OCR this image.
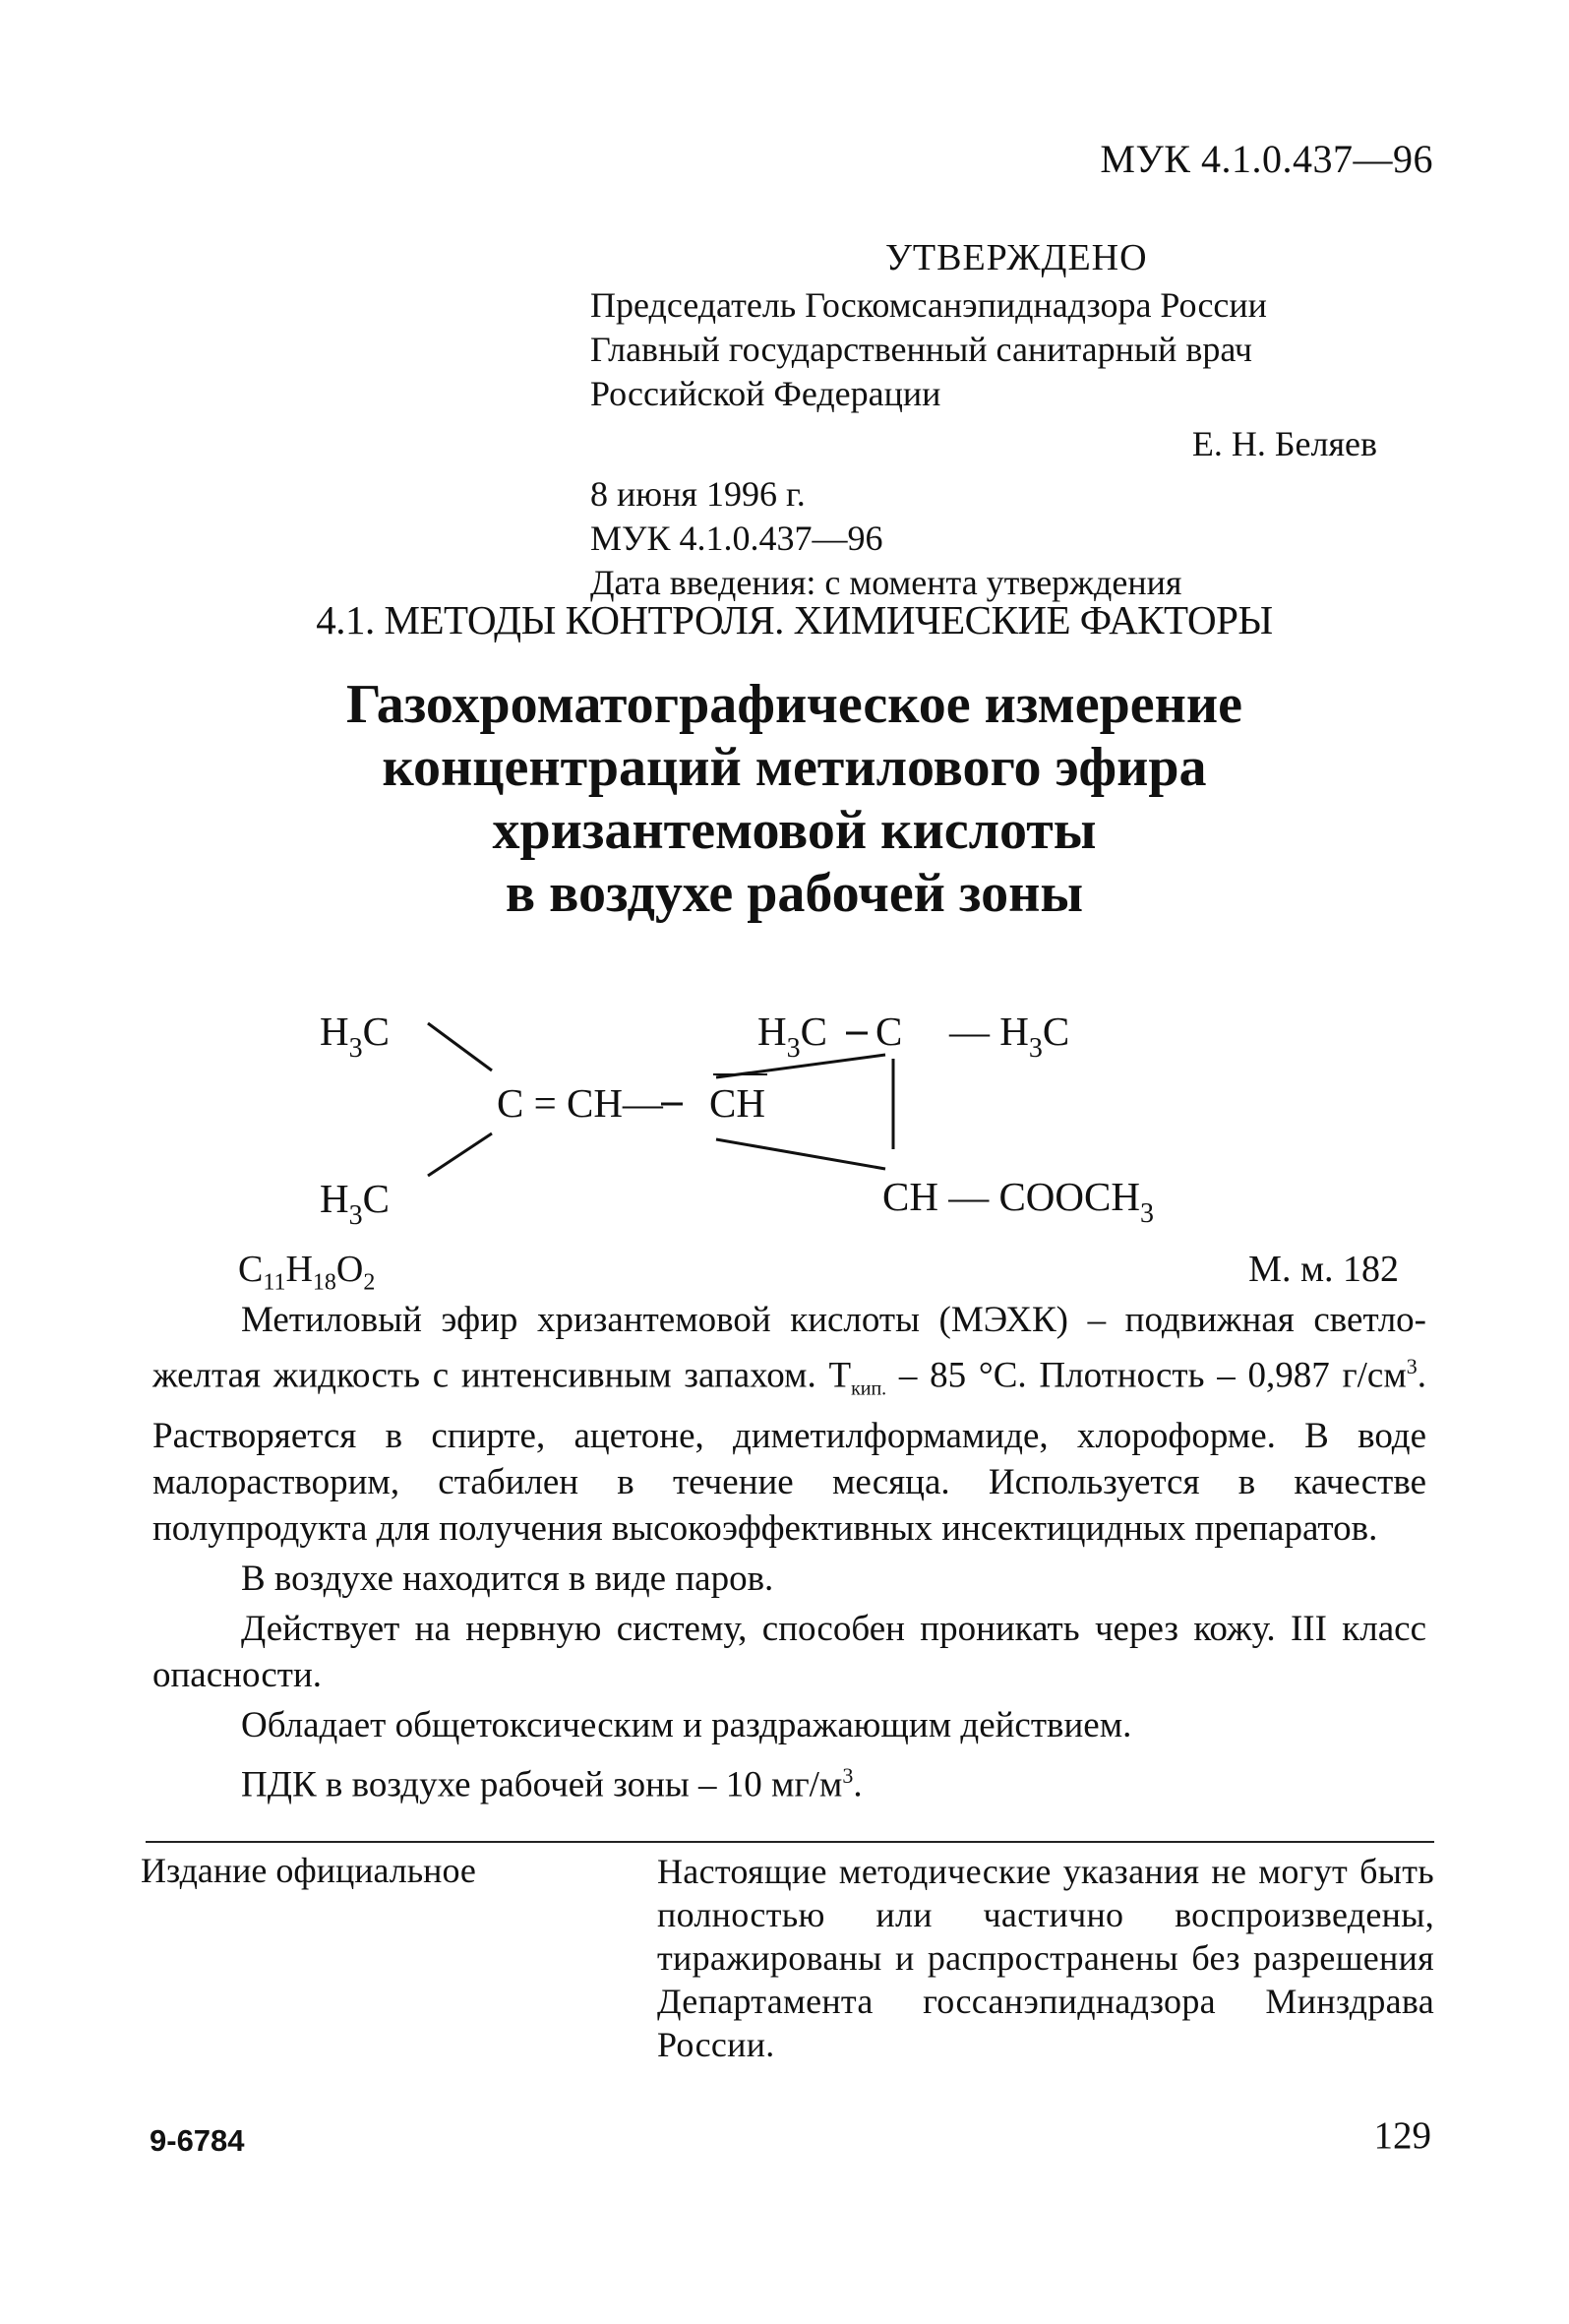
МУК 4.1.0.437—96
УТВЕРЖДЕНО
Председатель Госкомсанэпиднадзора России
Главный государственный санитарный врач
Российской Федерации
Е. Н. Беляев
8 июня 1996 г.
МУК 4.1.0.437—96
Дата введения: с момента утверждения
4.1. МЕТОДЫ КОНТРОЛЯ. ХИМИЧЕСКИЕ ФАКТОРЫ
Газохроматографическое измерение
концентраций метилового эфира
хризантемовой кислоты
в воздухе рабочей зоны
$H_3C$
$H_3C$
C = CH— CH
$H_3C$ C — $H_3C$
CH — $COOCH_3$
$C_{11}H_{18}O_2$	М. м. 182

Метиловый эфир хризантемовой кислоты (МЭХК) – подвижная светло-желтая жидкость с интенсивным запахом. $T_{кип.} - 85$ °С. Плотность – 0,987 $г/см^3$. Растворяется в спирте, ацетоне, диметилформамиде, хлороформе. В воде малорастворим, стабилен в течение месяца. Используется в качестве полупродукта для получения высокоэффективных инсектицидных препаратов.

В воздухе находится в виде паров.

Действует на нервную систему, способен проникать через кожу. III класс опасности.

Обладает общетоксическим и раздражающим действием.

ПДК в воздухе рабочей зоны – 10 $мг/м^3$.

Издание официальное	Настоящие методические указания не могут быть полностью или частично воспроизведены, тиражированы и распространены без разрешения Департамента госсанэпиднадзора Минздрава России.
9-6784	129
